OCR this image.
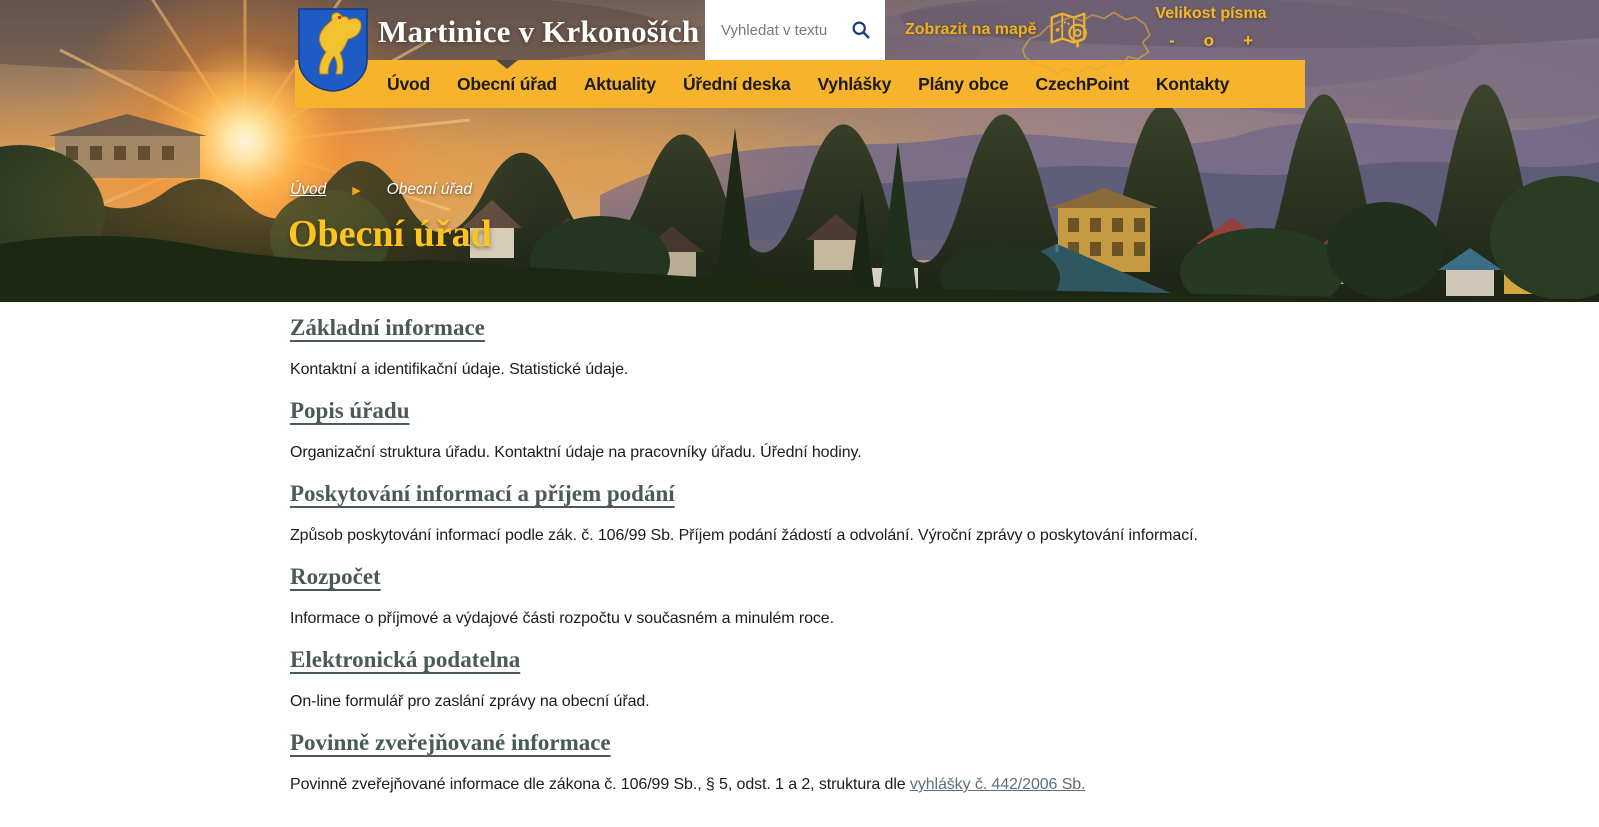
Martinice v Krkonoších
Vyhledat v textu	Zobrazit na mapě
Velikost písma
- o +
Úvod Obecní úřad Aktuality Úřední deska Vyhlášky Plány obce CzechPoint Kontakty
Úvod ▶ Obecní úřad
Obecní úřad
Základní informace

Kontaktní a identifikační údaje. Statistické údaje.

Popis úřadu

Organizační struktura úřadu. Kontaktní údaje na pracovníky úřadu. Úřední hodiny.

Poskytování informací a příjem podání

Způsob poskytování informací podle zák. č. 106/99 Sb. Příjem podání žádostí a odvolání. Výroční zprávy o poskytování informací.

Rozpočet

Informace o příjmové a výdajové části rozpočtu v současném a minulém roce.

Elektronická podatelna

On-line formulář pro zaslání zprávy na obecní úřad.

Povinně zveřejňované informace

Povinně zveřejňované informace dle zákona č. 106/99 Sb., § 5, odst. 1 a 2, struktura dle vyhlášky č. 442/2006 Sb.
